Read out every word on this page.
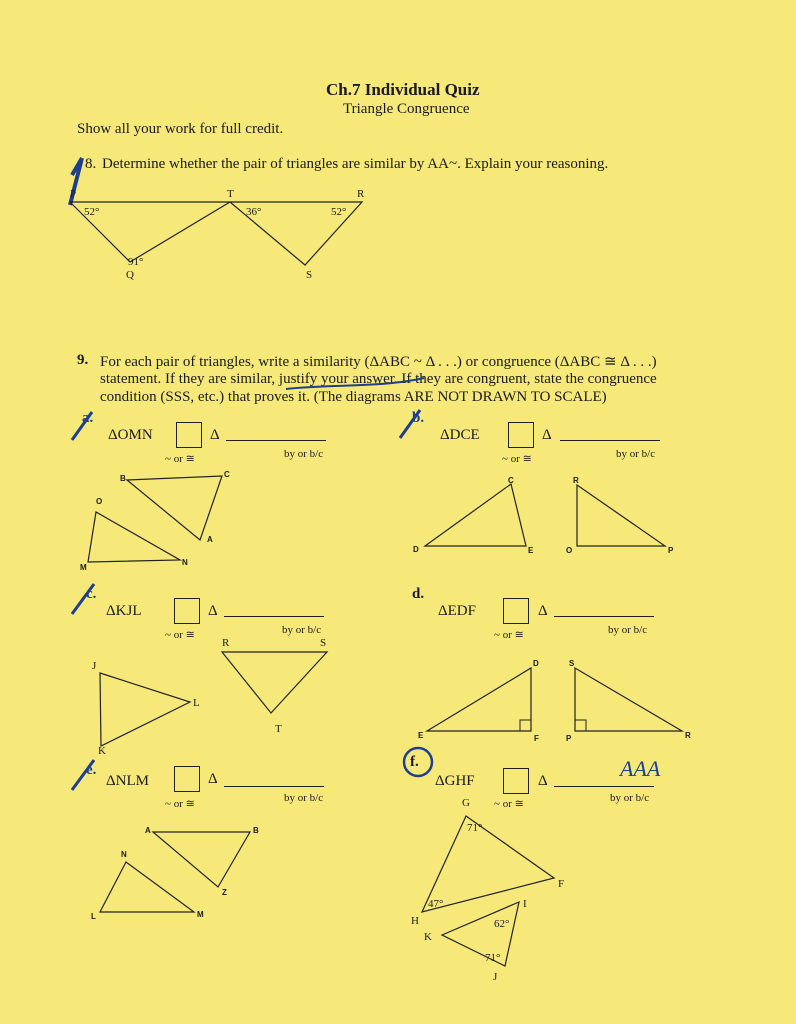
Ch.7 Individual Quiz
Triangle Congruence
Show all your work for full credit.
8. Determine whether the pair of triangles are similar by AA~. Explain your reasoning.
P	T	R
Q	S
52°	36°	52°
91°
9. For each pair of triangles, write a similarity (ΔABC ~ Δ . . .) or congruence (ΔABC ≅ Δ . . .)
statement. If they are similar, justify your answer. If they are congruent, state the congruence
condition (SSS, etc.) that proves it. (The diagrams ARE NOT DRAWN TO SCALE)
a.
ΔOMN	Δ
~ or ≅	by or b/c
B	C
O
A
M
N
b.
ΔDCE	Δ
~ or ≅	by or b/c
C
D	E
R
O	P
c.
ΔKJL	Δ
~ or ≅	by or b/c
J
L
K
R	S
T
d.
ΔEDF	Δ
~ or ≅	by or b/c
D	S
E	F	P	R
e.
ΔNLM	Δ
~ or ≅	by or b/c
A	B
N
Z
L	M
f.
ΔGHF	Δ	AAA
~ or ≅	by or b/c
G
F
H
I
K
J
71°
47°
62°
71°
